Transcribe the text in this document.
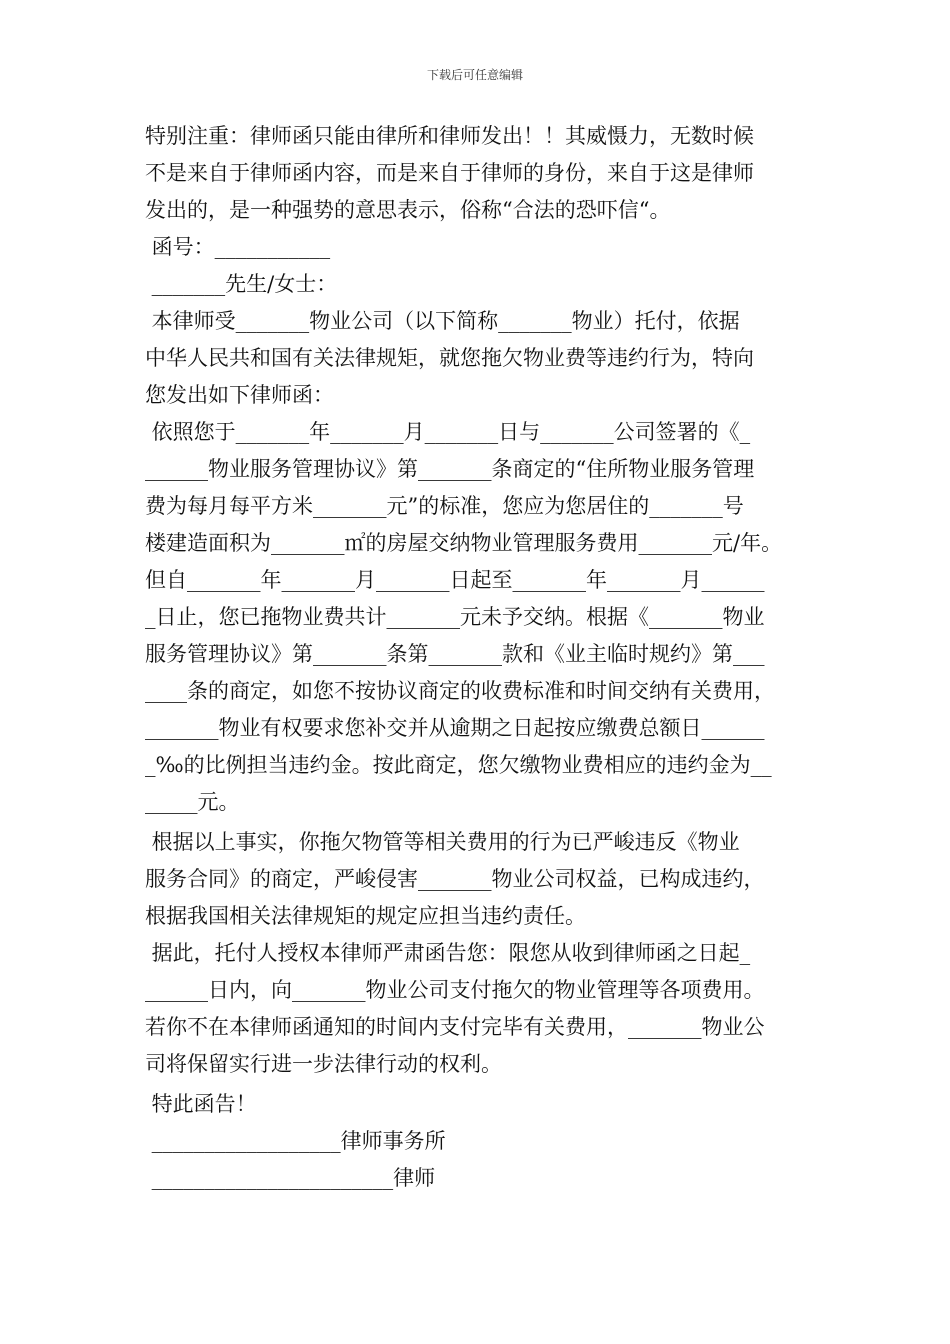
下载后可任意编辑
特别注重：律师函只能由律所和律师发出！！其威慑力，无数时候
不是来自于律师函内容，而是来自于律师的身份，来自于这是律师
发出的，是一种强势的意思表示，俗称“合法的恐吓信“。
函号：___________
_______先生/女士：
本律师受_______物业公司（以下简称_______物业）托付，依据
中华人民共和国有关法律规矩，就您拖欠物业费等违约行为，特向
您发出如下律师函：
依照您于_______年_______月_______日与_______公司签署的《_
______物业服务管理协议》第_______条商定的“住所物业服务管理
费为每月每平方米_______元”的标准，您应为您居住的_______号
楼建造面积为_______㎡的房屋交纳物业管理服务费用_______元/年。
但自_______年_______月_______日起至_______年_______月______
_日止，您已拖物业费共计_______元未予交纳。根据《_______物业
服务管理协议》第_______条第_______款和《业主临时规约》第___
____条的商定，如您不按协议商定的收费标准和时间交纳有关费用，
_______物业有权要求您补交并从逾期之日起按应缴费总额日______
_‰的比例担当违约金。按此商定，您欠缴物业费相应的违约金为__
_____元。
根据以上事实，你拖欠物管等相关费用的行为已严峻违反《物业
服务合同》的商定，严峻侵害_______物业公司权益，已构成违约，
根据我国相关法律规矩的规定应担当违约责任。
据此，托付人授权本律师严肃函告您：限您从收到律师函之日起_
______日内，向_______物业公司支付拖欠的物业管理等各项费用。
若你不在本律师函通知的时间内支付完毕有关费用，_______物业公
司将保留实行进一步法律行动的权利。
特此函告！
__________________律师事务所
_______________________律师
